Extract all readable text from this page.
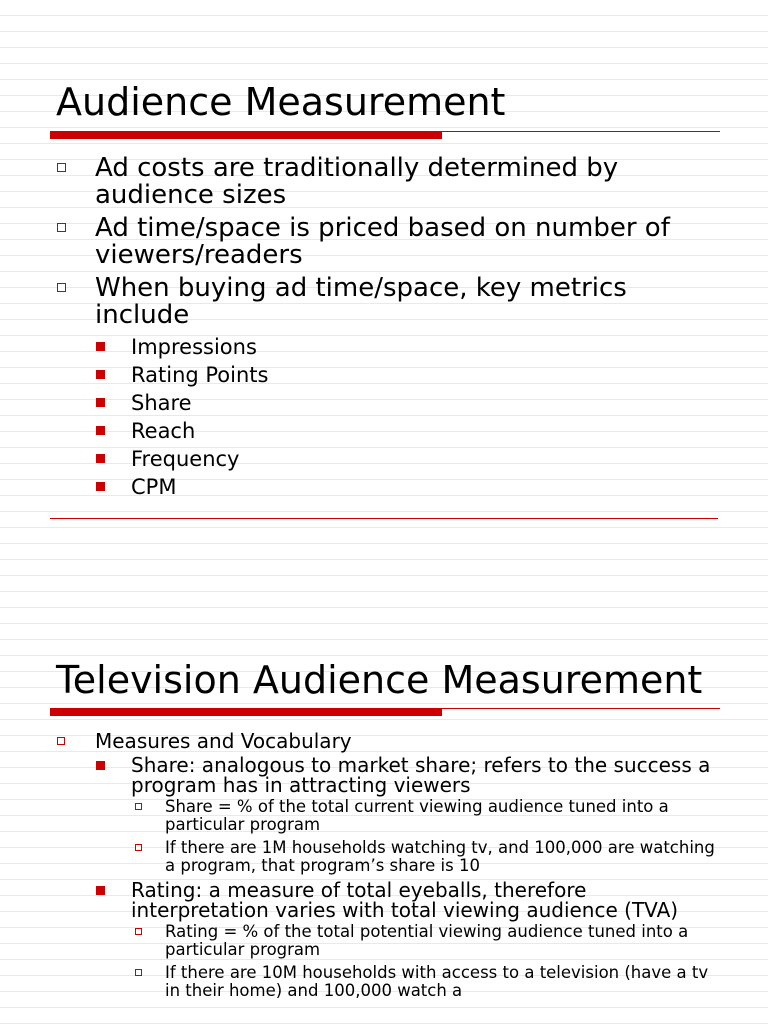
Audience Measurement
Ad costs are traditionally determined by audience sizes
Ad time/space is priced based on number of viewers/readers
When buying ad time/space, key metrics include
Impressions
Rating Points
Share
Reach
Frequency
CPM
Television Audience Measurement
Measures and Vocabulary
Share: analogous to market share; refers to the success a program has in attracting viewers
Share = % of the total current viewing audience tuned into a particular program
If there are 1M households watching tv, and 100,000 are watching a program, that program’s share is 10
Rating: a measure of total eyeballs, therefore interpretation varies with total viewing audience (TVA)
Rating = % of the total potential viewing audience tuned into a particular program
If there are 10M households with access to a television (have a tv in their home) and 100,000 watch a
